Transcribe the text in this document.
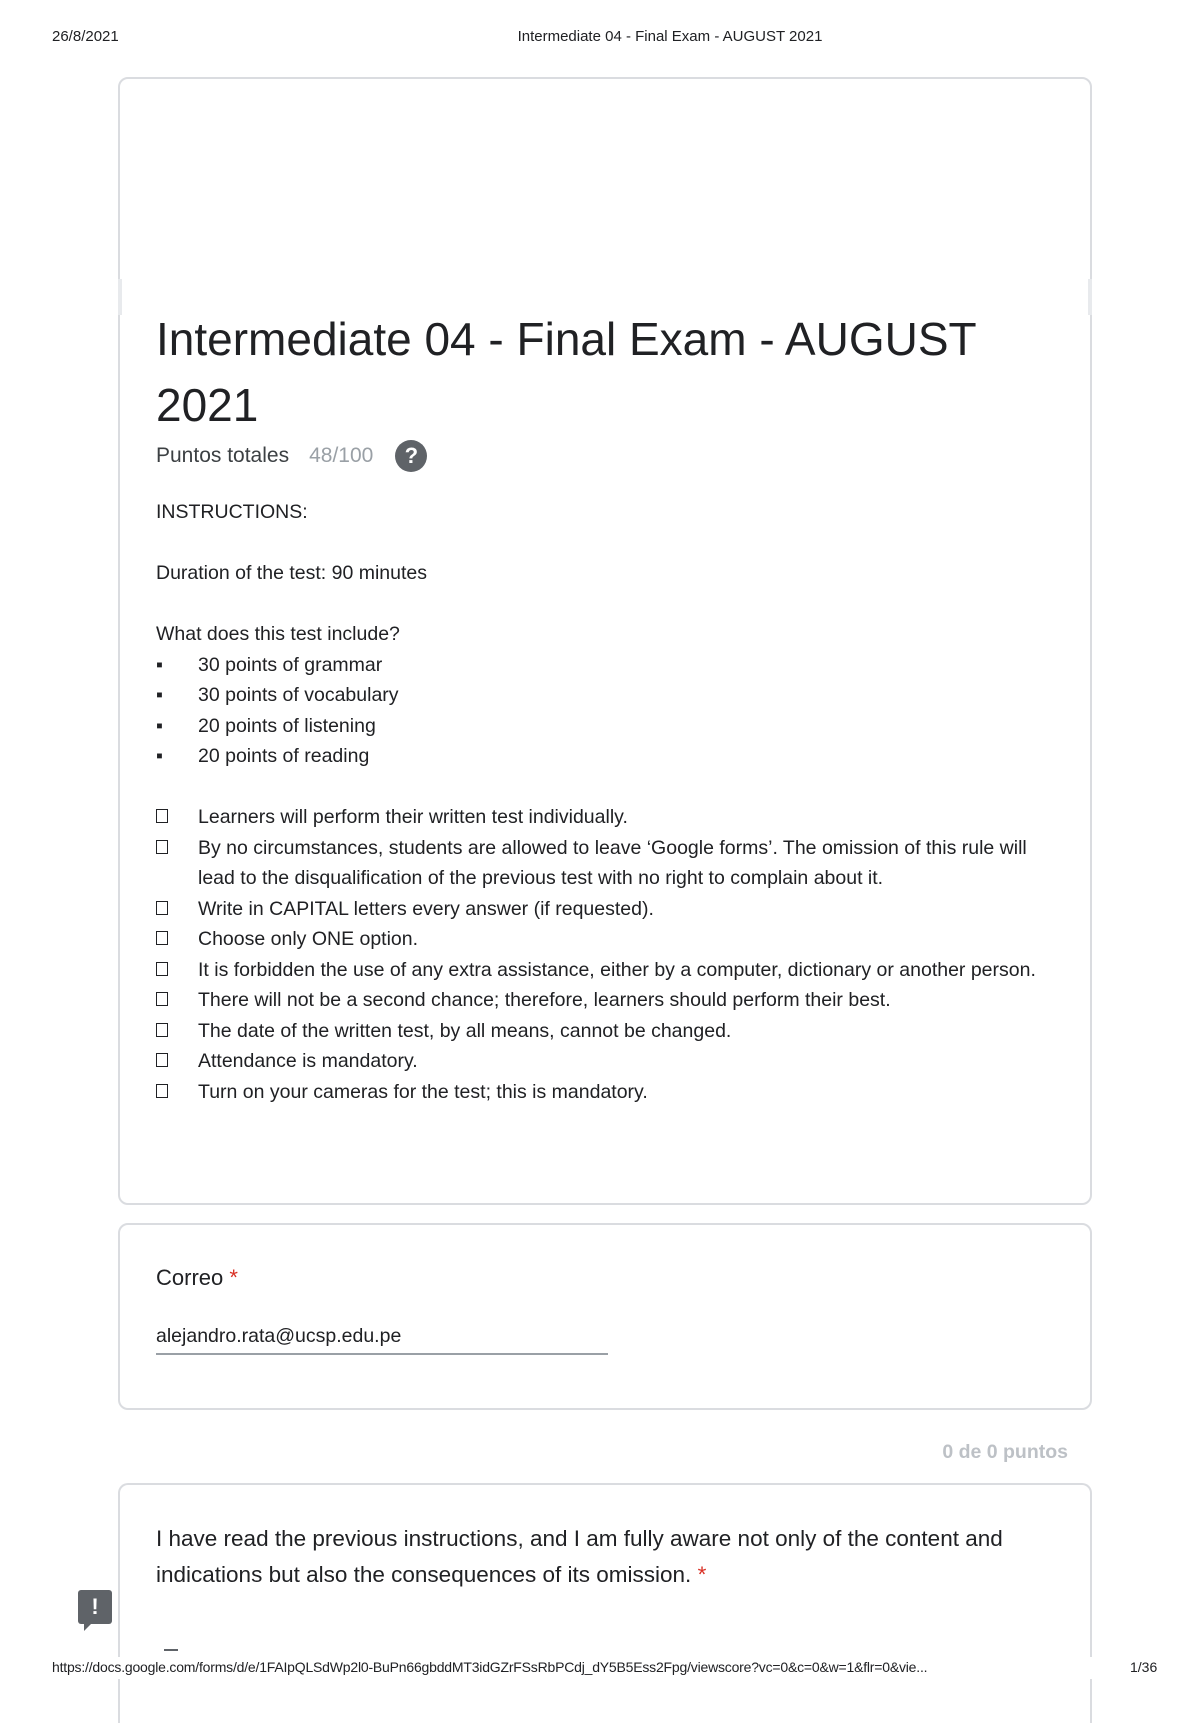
26/8/2021	Intermediate 04 - Final Exam - AUGUST 2021
Intermediate 04 - Final Exam - AUGUST 2021
Puntos totales 48/100	?

INSTRUCTIONS:

Duration of the test: 90 minutes

What does this test include?

▪	30 points of grammar
▪	30 points of vocabulary
▪	20 points of listening
▪	20 points of reading
Learners will perform their written test individually.
By no circumstances, students are allowed to leave ‘Google forms’. The omission of this rule will lead to the disqualification of the previous test with no right to complain about it.
Write in CAPITAL letters every answer (if requested).
Choose only ONE option.
It is forbidden the use of any extra assistance, either by a computer, dictionary or another person.
There will not be a second chance; therefore, learners should perform their best.
The date of the written test, by all means, cannot be changed.
Attendance is mandatory.
Turn on your cameras for the test; this is mandatory.
Correo *
alejandro.rata@ucsp.edu.pe
0 de 0 puntos
I have read the previous instructions, and I am fully aware not only of the content and indications but also the consequences of its omission. *
!
https://docs.google.com/forms/d/e/1FAIpQLSdWp2l0-BuPn66gbddMT3idGZrFSsRbPCdj_dY5B5Ess2Fpg/viewscore?vc=0&c=0&w=1&flr=0&vie...	1/36
